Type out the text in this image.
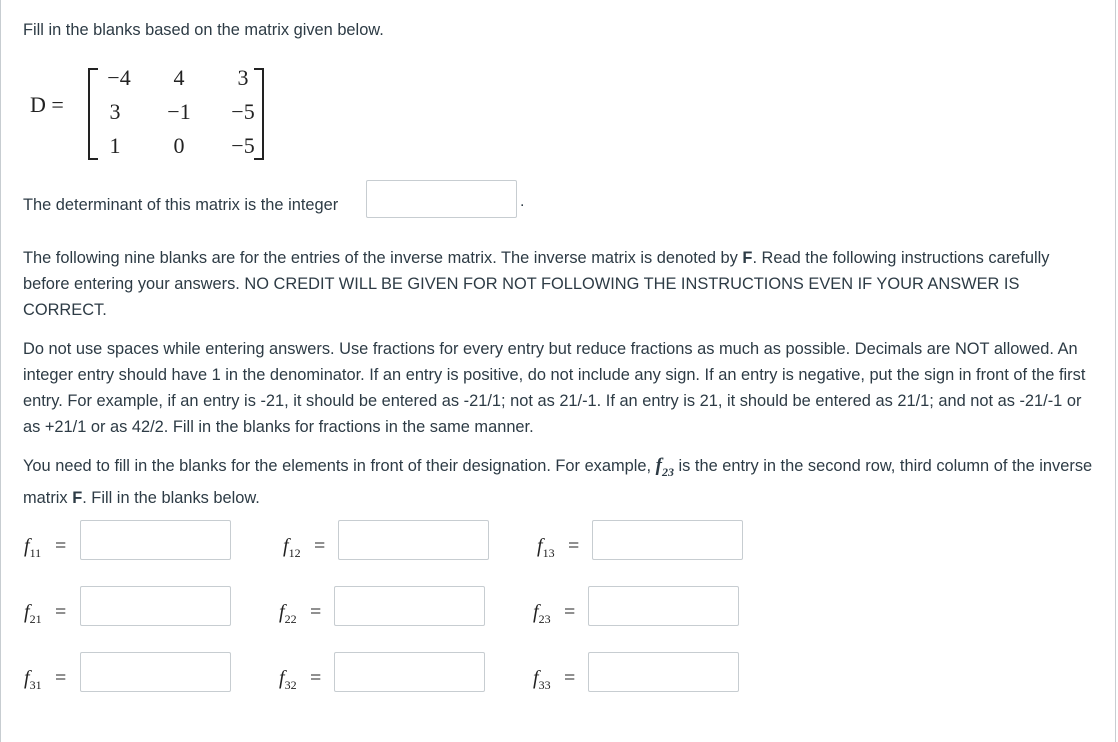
Fill in the blanks based on the matrix given below.

D =
−4	4	3
3	−1	−5
1	0	−5

The determinant of this matrix is the integer	.

The following nine blanks are for the entries of the inverse matrix. The inverse matrix is denoted by F. Read the following instructions carefully before entering your answers. NO CREDIT WILL BE GIVEN FOR NOT FOLLOWING THE INSTRUCTIONS EVEN IF YOUR ANSWER IS CORRECT.

Do not use spaces while entering answers. Use fractions for every entry but reduce fractions as much as possible. Decimals are NOT allowed. An integer entry should have 1 in the denominator. If an entry is positive, do not include any sign. If an entry is negative, put the sign in front of the first entry. For example, if an entry is -21, it should be entered as -21/1; not as 21/-1. If an entry is 21, it should be entered as 21/1; and not as -21/-1 or as +21/1 or as 42/2. Fill in the blanks for fractions in the same manner.

You need to fill in the blanks for the elements in front of their designation. For example, $f_{23}$ is the entry in the second row, third column of the inverse matrix F. Fill in the blanks below.

$f_{11}$ =	$f_{12}$ =	$f_{13}$ =
$f_{21}$ =	$f_{22}$ =	$f_{23}$ =
$f_{31}$ =	$f_{32}$ =	$f_{33}$ =
